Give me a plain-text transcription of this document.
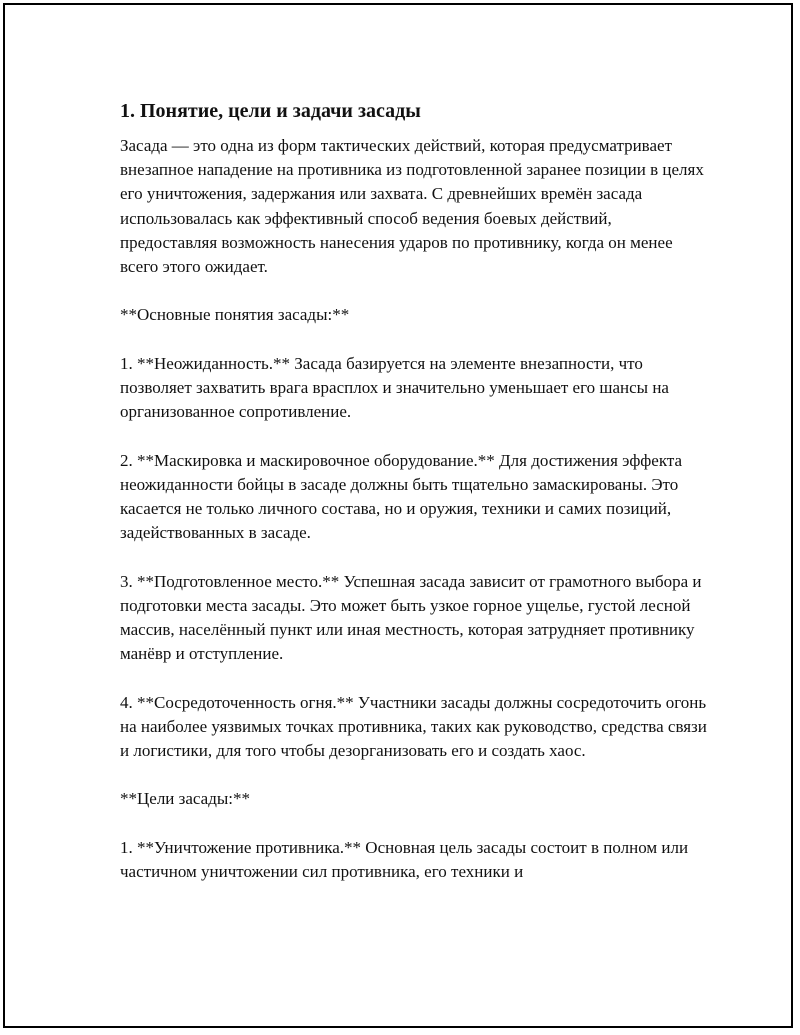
1. Понятие, цели и задачи засады

Засада — это одна из форм тактических действий, которая предусматривает внезапное нападение на противника из подготовленной заранее позиции в целях его уничтожения, задержания или захвата. С древнейших времён засада использовалась как эффективный способ ведения боевых действий, предоставляя возможность нанесения ударов по противнику, когда он менее всего этого ожидает.

**Основные понятия засады:**

1. **Неожиданность.** Засада базируется на элементе внезапности, что позволяет захватить врага врасплох и значительно уменьшает его шансы на организованное сопротивление.

2. **Маскировка и маскировочное оборудование.** Для достижения эффекта неожиданности бойцы в засаде должны быть тщательно замаскированы. Это касается не только личного состава, но и оружия, техники и самих позиций, задействованных в засаде.

3. **Подготовленное место.** Успешная засада зависит от грамотного выбора и подготовки места засады. Это может быть узкое горное ущелье, густой лесной массив, населённый пункт или иная местность, которая затрудняет противнику манёвр и отступление.

4. **Сосредоточенность огня.** Участники засады должны сосредоточить огонь на наиболее уязвимых точках противника, таких как руководство, средства связи и логистики, для того чтобы дезорганизовать его и создать хаос.

**Цели засады:**

1. **Уничтожение противника.** Основная цель засады состоит в полном или частичном уничтожении сил противника, его техники и
